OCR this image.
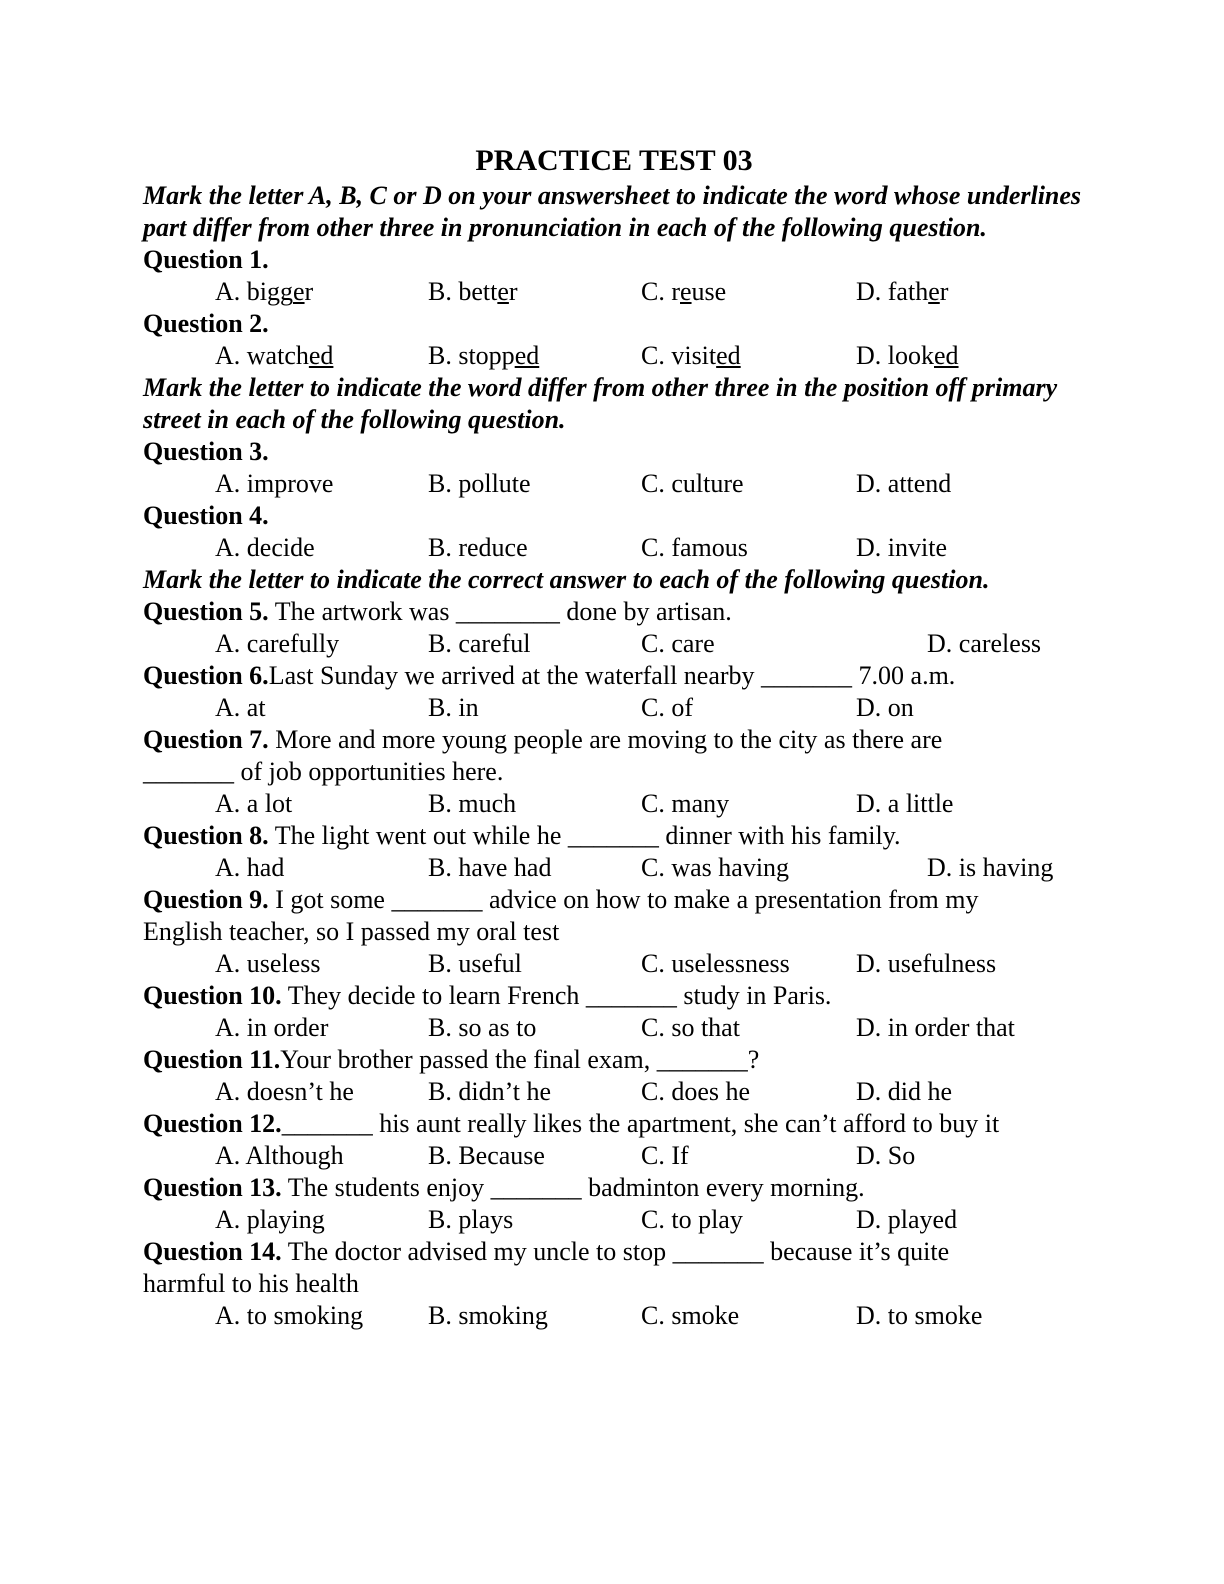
PRACTICE TEST 03
Mark the letter A, B, C or D on your answersheet to indicate the word whose underlines part differ from other three in pronunciation in each of the following question.
Question 1.
A. bigger	B. better	C. reuse	D. father
Question 2.
A. watched	B. stopped	C. visited	D. looked
Mark the letter to indicate the word differ from other three in the position off primary street in each of the following question.
Question 3.
A. improve	B. pollute	C. culture	D. attend
Question 4.
A. decide	B. reduce	C. famous	D. invite
Mark the letter to indicate the correct answer to each of the following question.
Question 5. The artwork was ________ done by artisan.
A. carefully	B. careful	C. care	D. careless
Question 6.Last Sunday we arrived at the waterfall nearby _______ 7.00 a.m.
A. at	B. in	C. of	D. on
Question 7. More and more young people are moving to the city as there are _______ of job opportunities here.
A. a lot	B. much	C. many	D. a little
Question 8. The light went out while he _______ dinner with his family.
A. had	B. have had	C. was having	D. is having
Question 9. I got some _______ advice on how to make a presentation from my English teacher, so I passed my oral test
A. useless	B. useful	C. uselessness	D. usefulness
Question 10. They decide to learn French _______ study in Paris.
A. in order	B. so as to	C. so that	D. in order that
Question 11.Your brother passed the final exam, _______?
A. doesn’t he	B. didn’t he	C. does he	D. did he
Question 12._______ his aunt really likes the apartment, she can’t afford to buy it
A. Although	B. Because	C. If	D. So
Question 13. The students enjoy _______ badminton every morning.
A. playing	B. plays	C. to play	D. played
Question 14. The doctor advised my uncle to stop _______ because it’s quite harmful to his health
A. to smoking B. smoking	C. smoke	D. to smoke
